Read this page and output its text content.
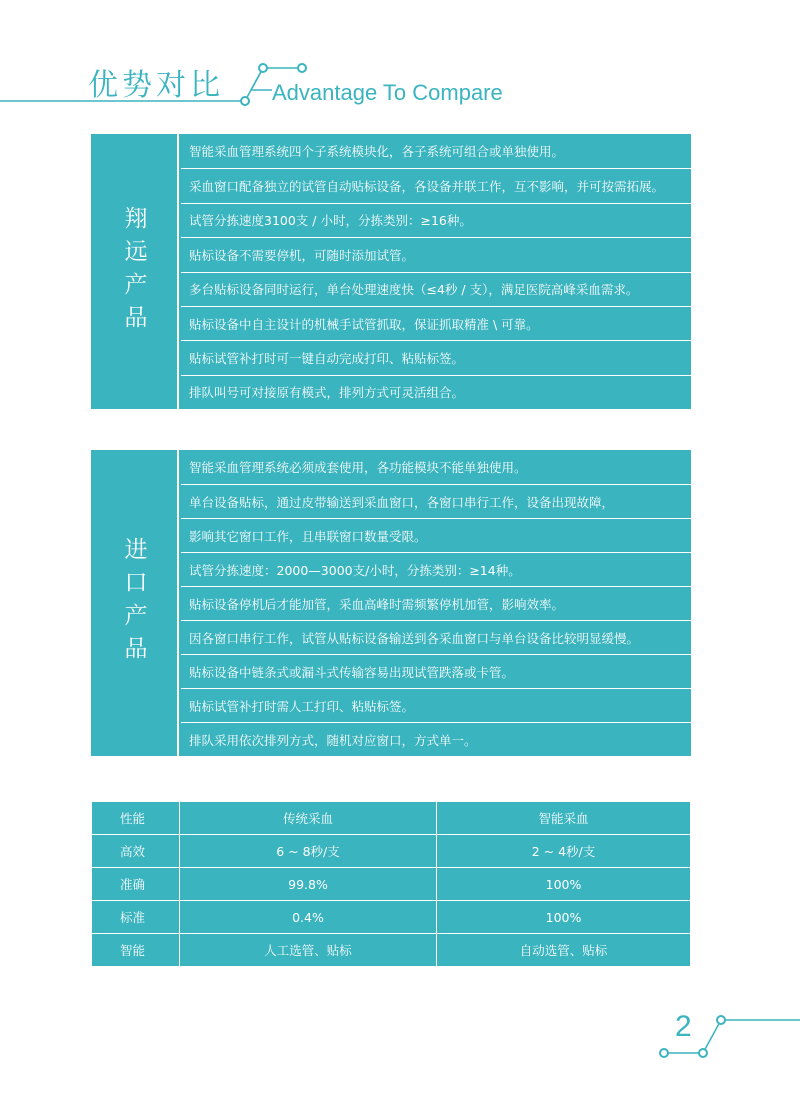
优势对比 Advantage To Compare
翔远产品
智能采血管理系统四个子系统模块化，各子系统可组合或单独使用。
采血窗口配备独立的试管自动贴标设备，各设备并联工作，互不影响，并可按需拓展。
试管分拣速度3100支 / 小时，分拣类别：≥16种。
贴标设备不需要停机，可随时添加试管。
多台贴标设备同时运行，单台处理速度快（≤4秒 / 支），满足医院高峰采血需求。
贴标设备中自主设计的机械手试管抓取，保证抓取精准 \ 可靠。
贴标试管补打时可一键自动完成打印、粘贴标签。
排队叫号可对接原有模式，排列方式可灵活组合。
进口产品
智能采血管理系统必须成套使用，各功能模块不能单独使用。
单台设备贴标，通过皮带输送到采血窗口，各窗口串行工作，设备出现故障，
影响其它窗口工作，且串联窗口数量受限。
试管分拣速度：2000—3000支/小时，分拣类别：≥14种。
贴标设备停机后才能加管，采血高峰时需频繁停机加管，影响效率。
因各窗口串行工作，试管从贴标设备输送到各采血窗口与单台设备比较明显缓慢。
贴标设备中链条式或漏斗式传输容易出现试管跌落或卡管。
贴标试管补打时需人工打印、粘贴标签。
排队采用依次排列方式，随机对应窗口，方式单一。
性能	传统采血	智能采血
高效	6 ~ 8秒/支	2 ~ 4秒/支
准确	99.8%	100%
标准	0.4%	100%
智能	人工选管、贴标	自动选管、贴标
2
